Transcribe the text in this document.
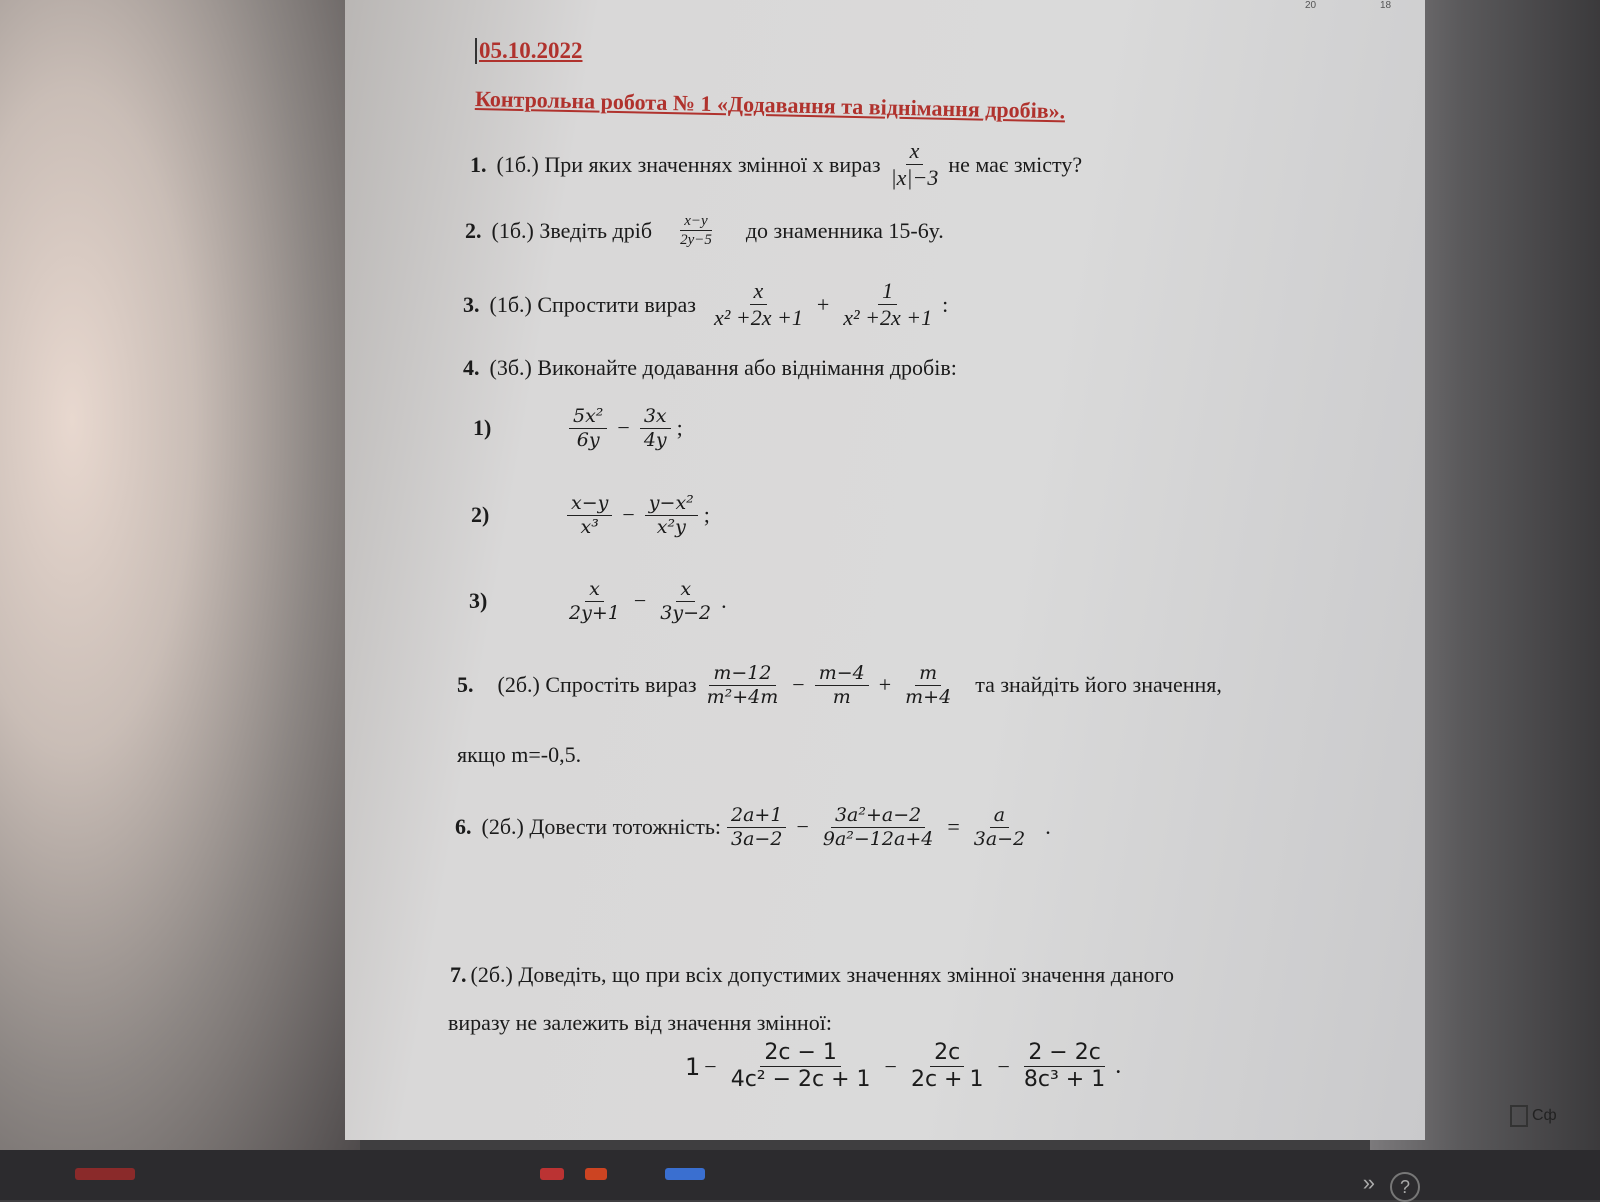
20	18
05.10.2022
Контрольна робота № 1 «Додавання та віднімання дробів».
1. (1б.) При яких значеннях змінної x вираз $\frac{x}{|x|-3}$ не має змісту?
2. (1б.) Зведіть дріб $\frac{x-y}{2y-5}$ до знаменника 15-6y.
3. (1б.) Спростити вираз $\frac{x}{\text{x² +2x +1}} + \frac{1}{\text{x² +2x +1}}$ :
4. (3б.) Виконайте додавання або віднімання дробів:
1)	$\frac{\text{5x²}}{6y} - \frac{3x}{4y}$ ;
2)	$\frac{x-y}{\text{x³}} - \frac{\text{y−x²}}{\text{x²y}}$ ;
3)	$\frac{x}{2y+1} - \frac{x}{3y-2}$ .
5. (2б.) Спростіть вираз $\frac{m-12}{\text{m²+4m}} - \frac{m-4}{m} + \frac{m}{m+4}$ та знайдіть його значення,
якщо m=-0,5.
6. (2б.) Довести тотожність: $\frac{2a+1}{3a-2} - \frac{\text{3a²+a−2}}{\text{9a²−12a+4}} = \frac{a}{3a-2}$ .
7. (2б.) Доведіть, що при всіх допустимих значеннях змінної значення даного
виразу не залежить від значення змінної:
$1 - \frac{2c - 1}{\text{4c² − 2c + 1}} - \frac{2c}{2c + 1} - \frac{2 - 2c}{\text{8c³ + 1}}$ .
Сф
»	?
